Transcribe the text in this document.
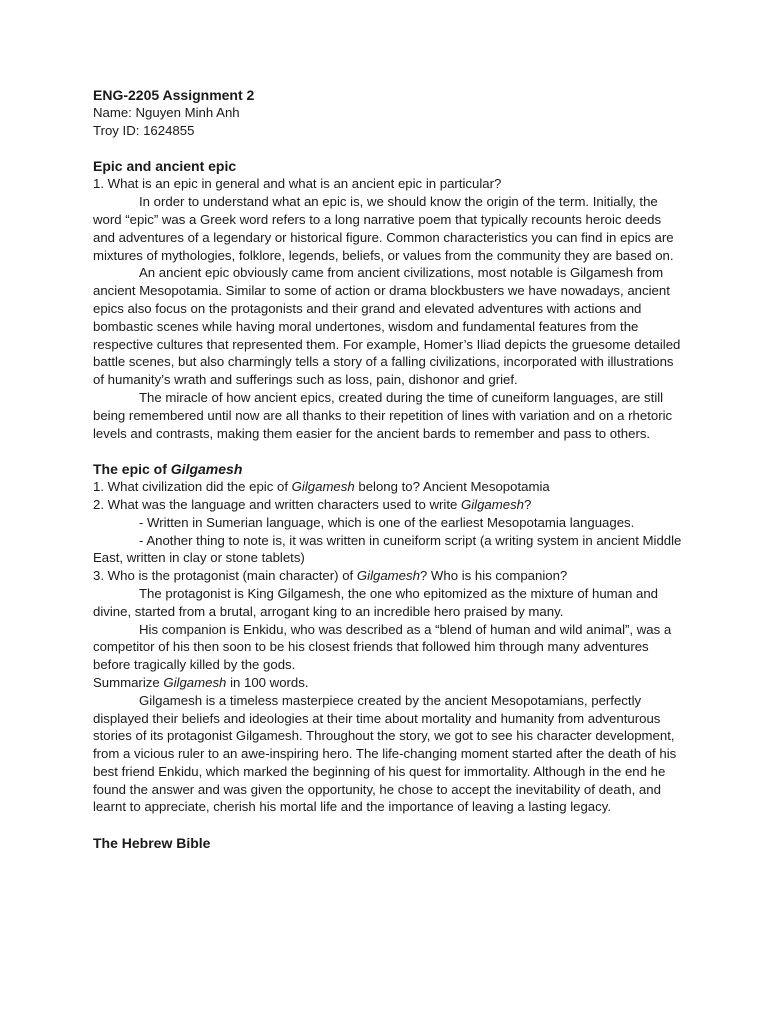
ENG-2205 Assignment 2

Name: Nguyen Minh Anh

Troy ID: 1624855

Epic and ancient epic

1. What is an epic in general and what is an ancient epic in particular?

In order to understand what an epic is, we should know the origin of the term. Initially, the word “epic” was a Greek word refers to a long narrative poem that typically recounts heroic deeds and adventures of a legendary or historical figure. Common characteristics you can find in epics are mixtures of mythologies, folklore, legends, beliefs, or values from the community they are based on.

An ancient epic obviously came from ancient civilizations, most notable is Gilgamesh from ancient Mesopotamia. Similar to some of action or drama blockbusters we have nowadays, ancient epics also focus on the protagonists and their grand and elevated adventures with actions and bombastic scenes while having moral undertones, wisdom and fundamental features from the respective cultures that represented them. For example, Homer’s Iliad depicts the gruesome detailed battle scenes, but also charmingly tells a story of a falling civilizations, incorporated with illustrations of humanity’s wrath and sufferings such as loss, pain, dishonor and grief.

The miracle of how ancient epics, created during the time of cuneiform languages, are still being remembered until now are all thanks to their repetition of lines with variation and on a rhetoric levels and contrasts, making them easier for the ancient bards to remember and pass to others.

The epic of Gilgamesh

1. What civilization did the epic of Gilgamesh belong to? Ancient Mesopotamia

2. What was the language and written characters used to write Gilgamesh?

- Written in Sumerian language, which is one of the earliest Mesopotamia languages.

- Another thing to note is, it was written in cuneiform script (a writing system in ancient Middle East, written in clay or stone tablets)

3. Who is the protagonist (main character) of Gilgamesh? Who is his companion?

The protagonist is King Gilgamesh, the one who epitomized as the mixture of human and divine, started from a brutal, arrogant king to an incredible hero praised by many.

His companion is Enkidu, who was described as a “blend of human and wild animal”, was a competitor of his then soon to be his closest friends that followed him through many adventures before tragically killed by the gods.

Summarize Gilgamesh in 100 words.

Gilgamesh is a timeless masterpiece created by the ancient Mesopotamians, perfectly displayed their beliefs and ideologies at their time about mortality and humanity from adventurous stories of its protagonist Gilgamesh. Throughout the story, we got to see his character development, from a vicious ruler to an awe-inspiring hero. The life-changing moment started after the death of his best friend Enkidu, which marked the beginning of his quest for immortality. Although in the end he found the answer and was given the opportunity, he chose to accept the inevitability of death, and learnt to appreciate, cherish his mortal life and the importance of leaving a lasting legacy.

The Hebrew Bible
